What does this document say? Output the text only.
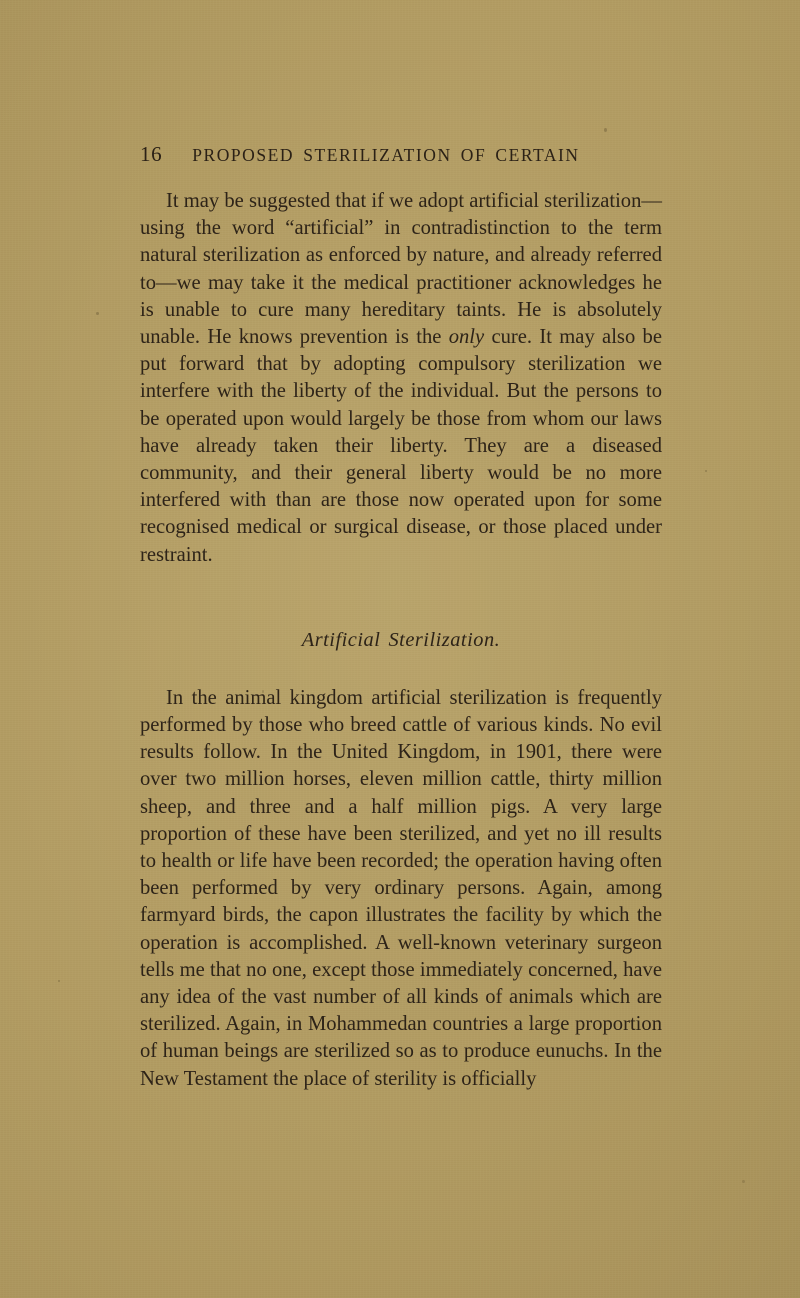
16 PROPOSED STERILIZATION OF CERTAIN

It may be suggested that if we adopt artificial sterilization—using the word “artificial” in contradistinction to the term natural sterilization as enforced by nature, and already referred to—we may take it the medical practitioner acknowledges he is unable to cure many hereditary taints. He is absolutely unable. He knows prevention is the only cure. It may also be put forward that by adopting compulsory sterilization we interfere with the liberty of the individual. But the persons to be operated upon would largely be those from whom our laws have already taken their liberty. They are a diseased community, and their general liberty would be no more interfered with than are those now operated upon for some recognised medical or surgical disease, or those placed under restraint.

Artificial Sterilization.

In the animal kingdom artificial sterilization is frequently performed by those who breed cattle of various kinds. No evil results follow. In the United Kingdom, in 1901, there were over two million horses, eleven million cattle, thirty million sheep, and three and a half million pigs. A very large proportion of these have been sterilized, and yet no ill results to health or life have been recorded; the operation having often been performed by very ordinary persons. Again, among farmyard birds, the capon illustrates the facility by which the operation is accomplished. A well-known veterinary surgeon tells me that no one, except those immediately concerned, have any idea of the vast number of all kinds of animals which are sterilized. Again, in Mohammedan countries a large proportion of human beings are sterilized so as to produce eunuchs. In the New Testament the place of sterility is officially
